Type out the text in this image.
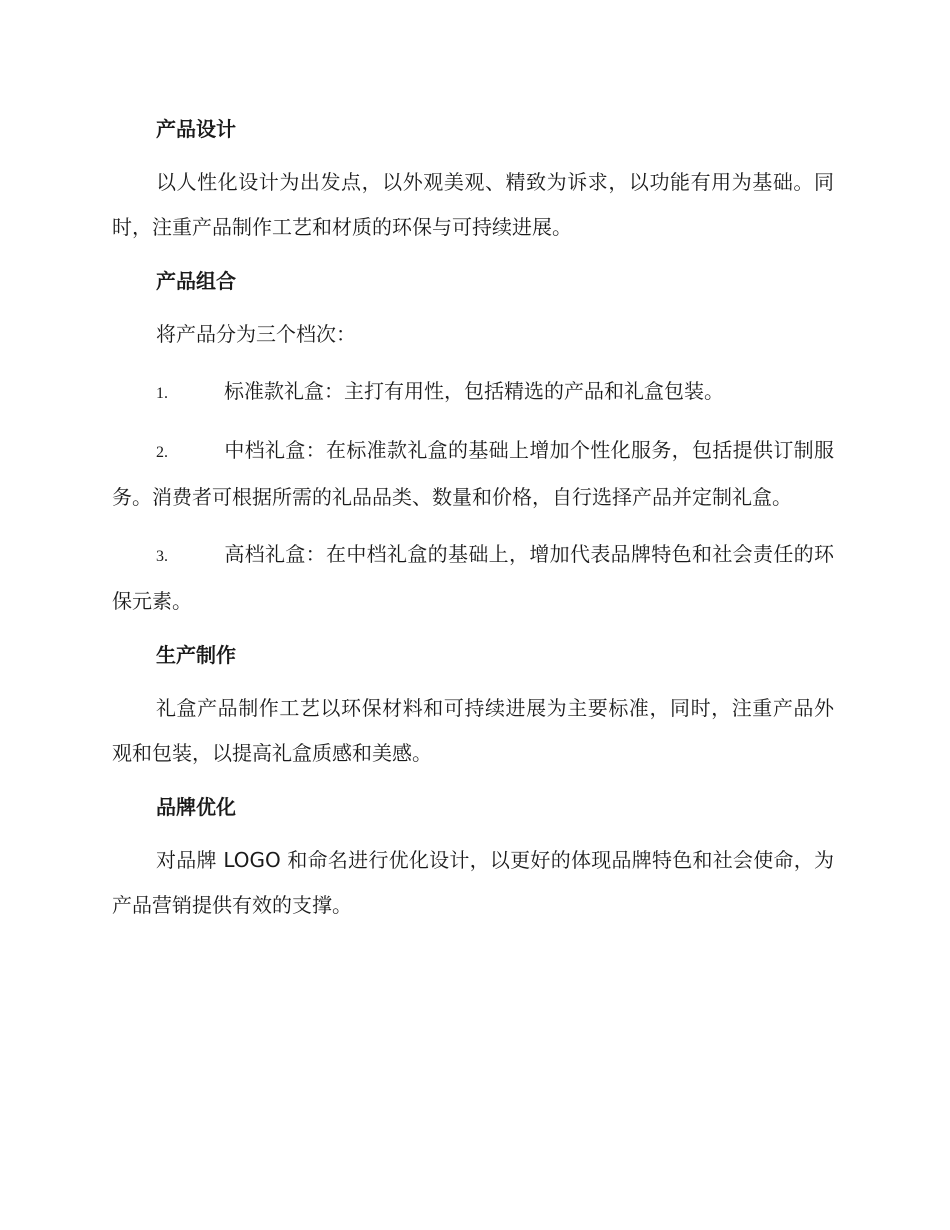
产品设计

以人性化设计为出发点，以外观美观、精致为诉求，以功能有用为基础。同时，注重产品制作工艺和材质的环保与可持续进展。

产品组合

将产品分为三个档次：

1.	标准款礼盒：主打有用性，包括精选的产品和礼盒包装。

2.	中档礼盒：在标准款礼盒的基础上增加个性化服务，包括提供订制服务。消费者可根据所需的礼品品类、数量和价格，自行选择产品并定制礼盒。

3.	高档礼盒：在中档礼盒的基础上，增加代表品牌特色和社会责任的环保元素。

生产制作

礼盒产品制作工艺以环保材料和可持续进展为主要标准，同时，注重产品外观和包装，以提高礼盒质感和美感。

品牌优化

对品牌 LOGO 和命名进行优化设计，以更好的体现品牌特色和社会使命，为产品营销提供有效的支撑。
